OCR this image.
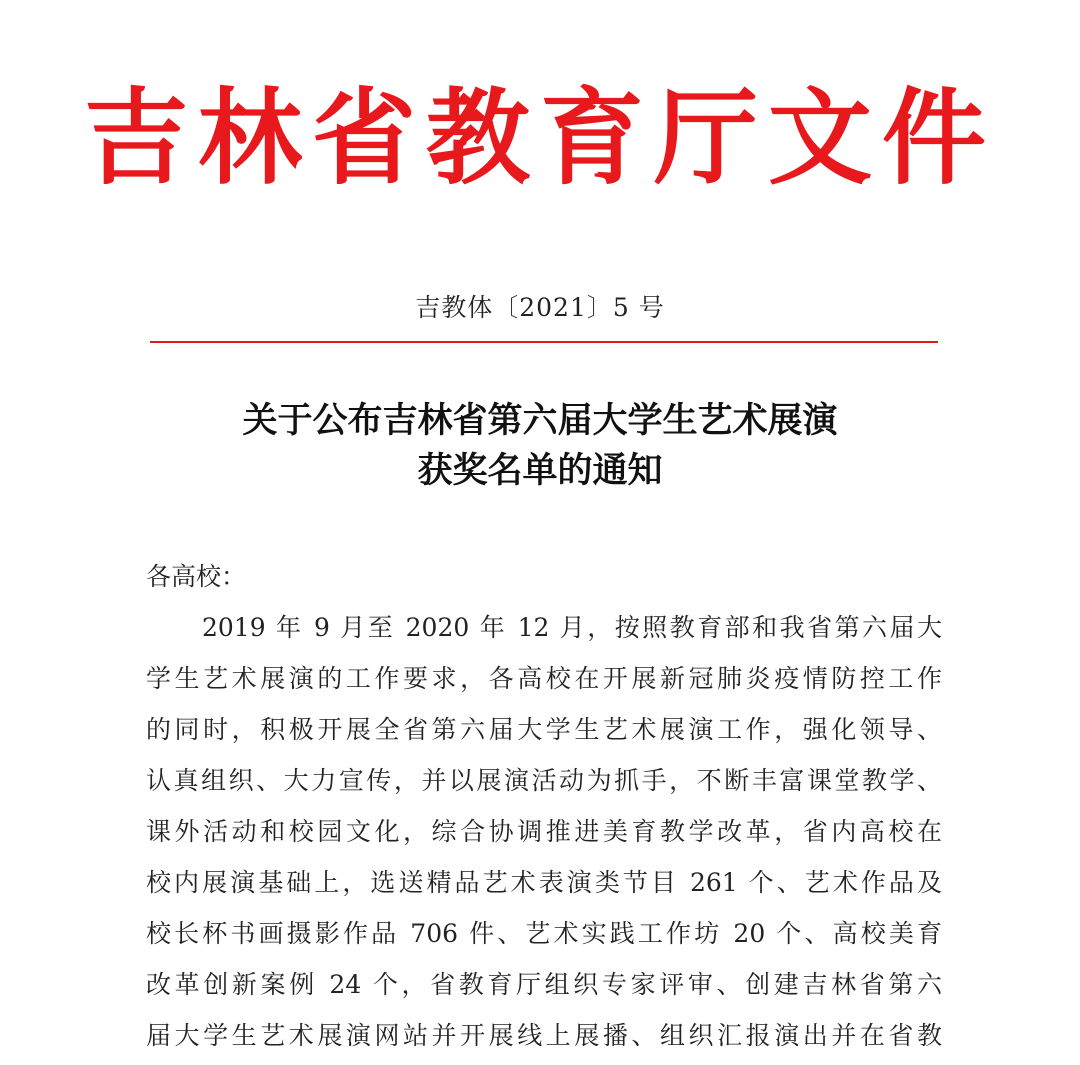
吉林省教育厅文件
吉教体〔2021〕5 号
关于公布吉林省第六届大学生艺术展演
获奖名单的通知
各高校：
2019 年 9 月至 2020 年 12 月，按照教育部和我省第六届大
学生艺术展演的工作要求，各高校在开展新冠肺炎疫情防控工作
的同时，积极开展全省第六届大学生艺术展演工作，强化领导、
认真组织、大力宣传，并以展演活动为抓手，不断丰富课堂教学、
课外活动和校园文化，综合协调推进美育教学改革，省内高校在
校内展演基础上，选送精品艺术表演类节目 261 个、艺术作品及
校长杯书画摄影作品 706 件、艺术实践工作坊 20 个、高校美育
改革创新案例 24 个，省教育厅组织专家评审、创建吉林省第六
届大学生艺术展演网站并开展线上展播、组织汇报演出并在省教
